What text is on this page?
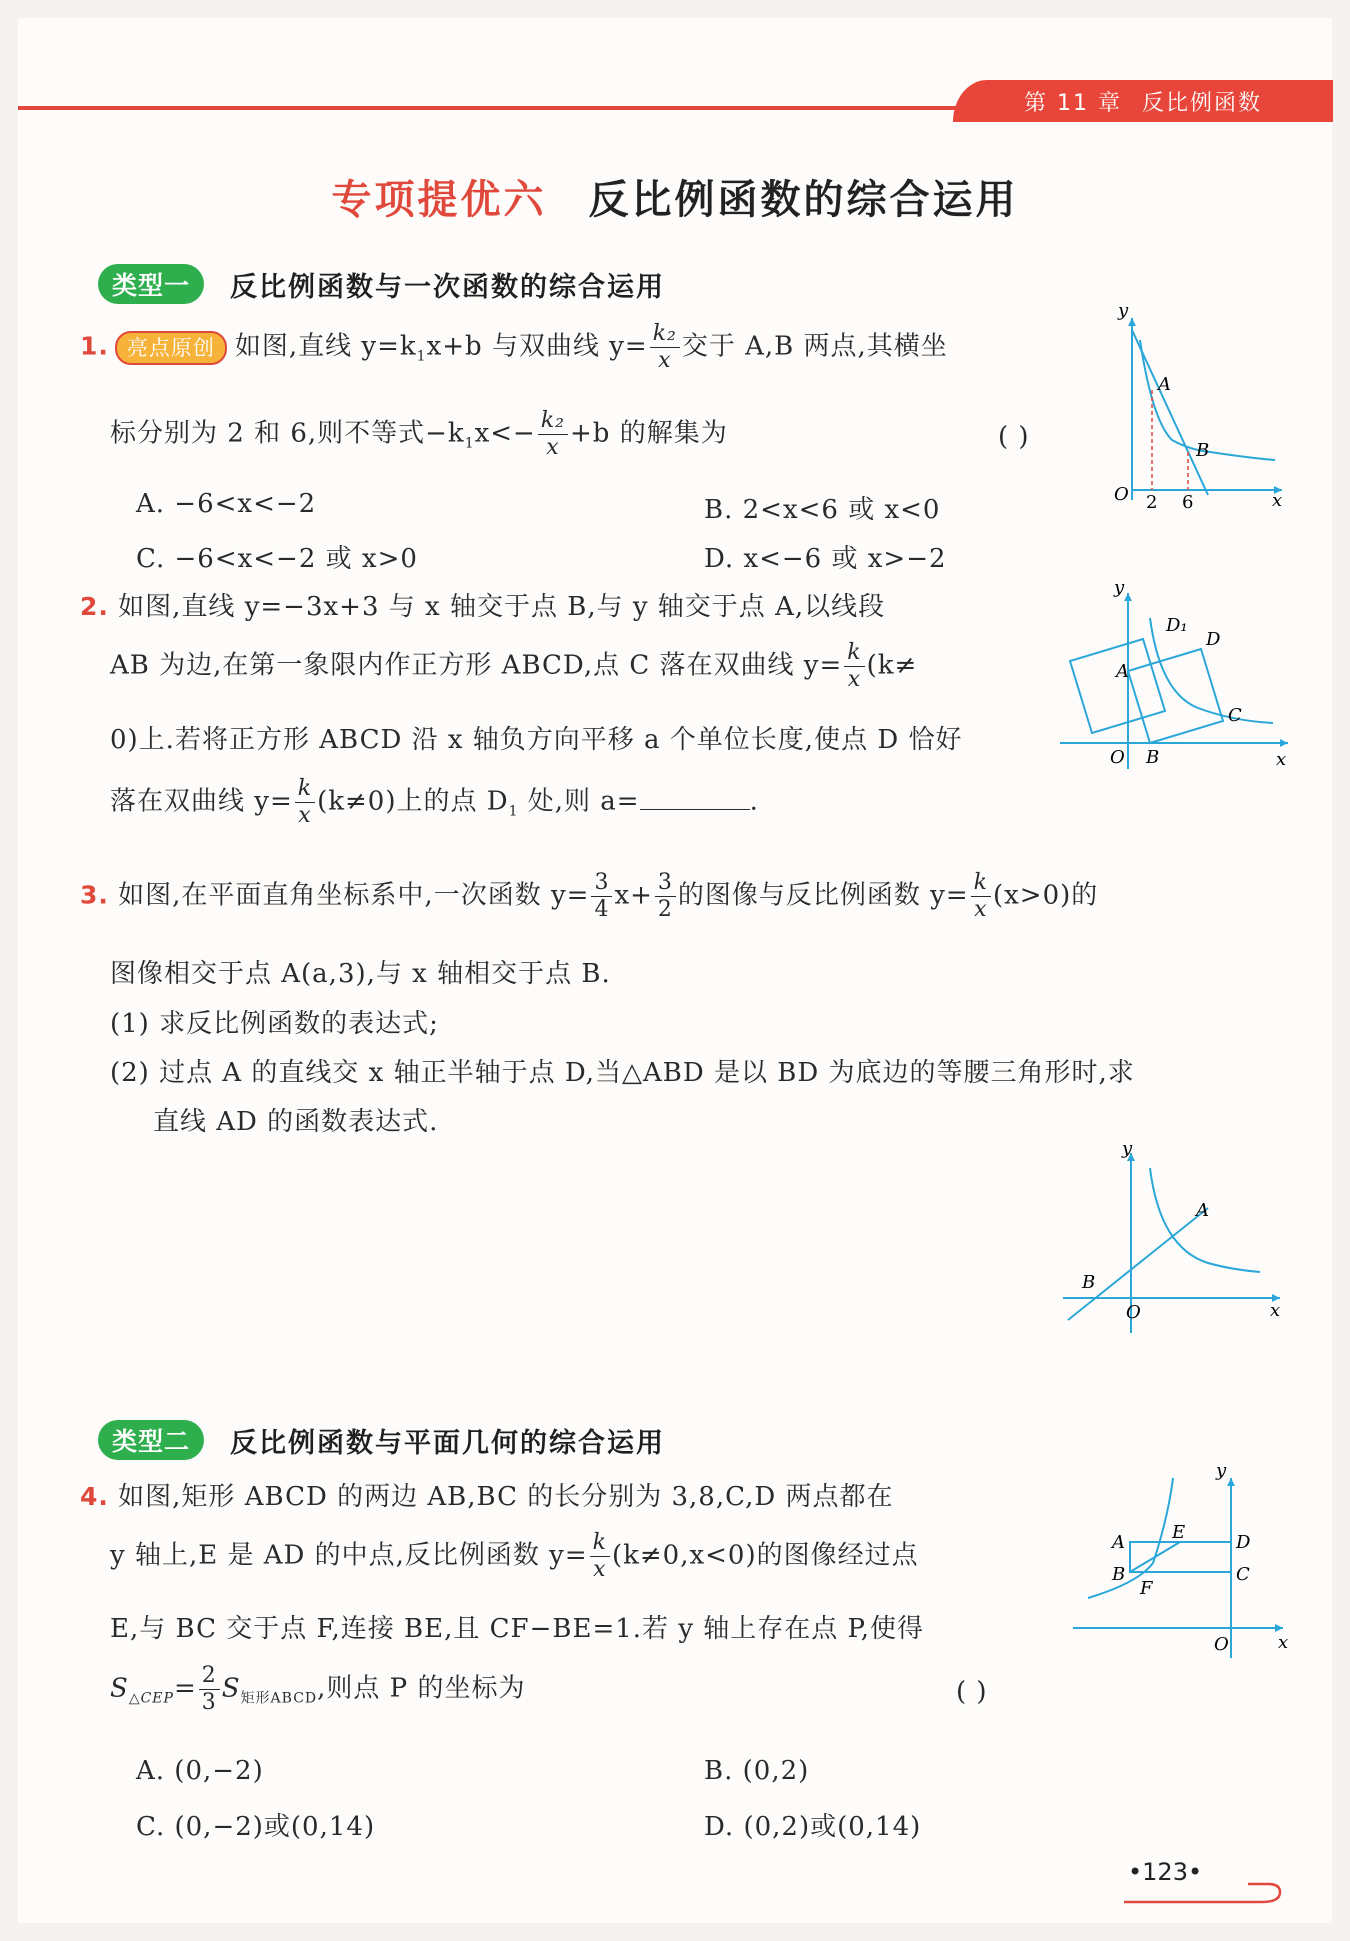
第 11 章 反比例函数
专项提优六 反比例函数的综合运用
类型一	反比例函数与一次函数的综合运用
1. 亮点原创 如图,直线 $y=k_1x+b$ 与双曲线 $y= \frac{\text{k₂}}{x}$ 交于 A,B 两点,其横坐
标分别为 2 和 6,则不等式$-k_1x<- \frac{\text{k₂}}{x} +b$ 的解集为	( )
A. −6<x<−2	B. 2<x<6 或 x<0
C. −6<x<−2 或 x>0	D. x<−6 或 x>−2
y
A
B
O 2 6	x
2. 如图,直线 y=−3x+3 与 x 轴交于点 B,与 y 轴交于点 A,以线段
AB 为边,在第一象限内作正方形 ABCD,点 C 落在双曲线 $y= \frac{k}{x} (k\ne$
0)上.若将正方形 ABCD 沿 x 轴负方向平移 a 个单位长度,使点 D 恰好
落在双曲线 $y= \frac{k}{x} (k\ne 0)$上的点 $D_1$ 处,则 a=	.
y
D₁
D
A
C
O B	x
3. 如图,在平面直角坐标系中,一次函数 $y= \frac{3}{4} x+ \frac{3}{2}$ 的图像与反比例函数 $y= \frac{k}{x} (x>0)$的
图像相交于点 A(a,3),与 x 轴相交于点 B.
(1) 求反比例函数的表达式;
(2) 过点 A 的直线交 x 轴正半轴于点 D,当△ABD 是以 BD 为底边的等腰三角形时,求
直线 AD 的函数表达式.
y
A
B
O	x
类型二	反比例函数与平面几何的综合运用
4. 如图,矩形 ABCD 的两边 AB,BC 的长分别为 3,8,C,D 两点都在
y 轴上,E 是 AD 的中点,反比例函数 $y= \frac{k}{x} (k\ne 0,x<0)$的图像经过点
E,与 BC 交于点 F,连接 BE,且 CF−BE=1.若 y 轴上存在点 P,使得
$S_{\triangle CEP}= \frac{2}{3} S_{矩形ABCD}$,则点 P 的坐标为	( )
A. (0,−2)	B. (0,2)
C. (0,−2)或(0,14)	D. (0,2)或(0,14)
y
A	E	D
B	C
F
O	x
•123•
